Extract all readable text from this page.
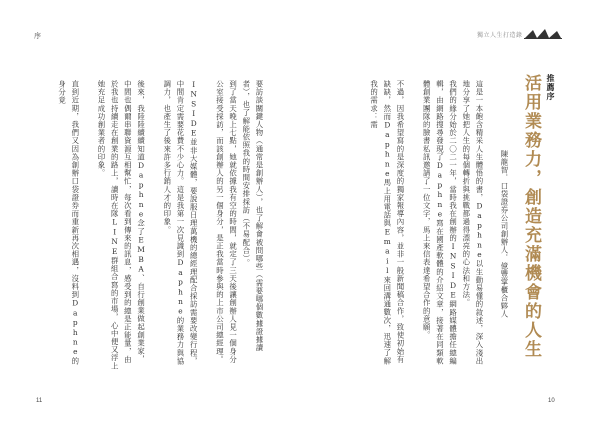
序	獨立人生打造錄

要訪談關鍵人物（通常是創辦人），也了解會被問哪些（需要哪個數據證據讀者），也了解能依照我的時間安排採訪（不易配合）。

到了當天晚上七點，她就依據我有空的時間，就定了三天後讓創辦人見一個身分公室接受採訪，而該創辦人的另一個身分，是正我當時參與的上市公司總經理。

INSIDE並非大媒體，要說服日理萬機的總經理配合採訪需要改變行程，中間肯定需要花費不少心力。這是我第一次見識到Daphne的業務力與協調力，也產生了後來許多行銷人才的印象。

後來，我陸陸續續知道Daphne念了EMBA、自行創業做起創業家，中間也偶爾串聯資源互相幫忙，每次看到傳來的訊息，感受到的總是正能量，由於我也持續走在創業的路上，讀時在隊LINE群組合寫的市場，心中便又浮上她充足成功創業者的印象。

直到近期，我們又因為創辦口袋證券而重新再次相遇，沒料到Daphne的身分竟	推薦序
活用業務力，創造充滿機會的人生
陳龍智．口袋證券公司創辦人．億豐掌櫃合夥人

這是一本飽含精采人生體悟的書，Daphne以生動易懂的敘述，深入淺出地分享了她把人生的每個轉折與挑戰都過得漂亮的心法和方法。

我們的緣分始於二〇二一年，當時我在創辦的INSIDE網路媒體擔任總編輯，由網路搜尋發現了Daphne寫在國產軟體的介紹文章，接著在同類軟體創業團隊的臉書私訊邀請了一位文字，馬上來信表達希望合作的意願。

不過，因我希望寫的是深度的獨家報導內容，並非一般新聞稿合作，致使初始有缺缺，然而Daphne馬上用電話與Email來回溝通數次，迅速了解我的需求：需

11	10
